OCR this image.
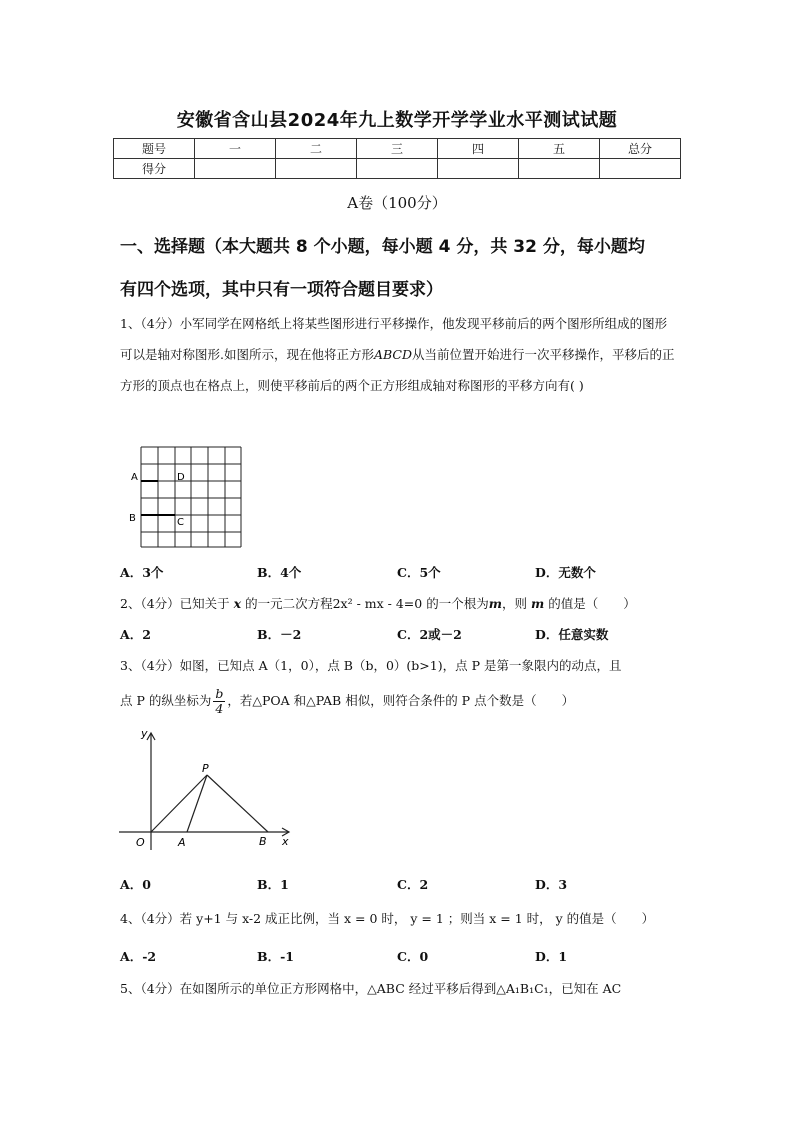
安徽省含山县2024年九上数学开学学业水平测试试题
题号	一	二	三	四	五	总分
得分						
A卷（100分）
一、选择题（本大题共 8 个小题，每小题 4 分，共 32 分，每小题均
有四个选项，其中只有一项符合题目要求）
1、（4分）小军同学在网格纸上将某些图形进行平移操作，他发现平移前后的两个图形所组成的图形可以是轴对称图形.如图所示，现在他将正方形ABCD从当前位置开始进行一次平移操作，平移后的正方形的顶点也在格点上，则使平移前后的两个正方形组成轴对称图形的平移方向有( )
A	D
B	C
A．3个	B．4个	C．5个	D．无数个
2、（4分）已知关于 x 的一元二次方程2x² - mx - 4=0 的一个根为m，则 m 的值是（　　）
A．2	B．－2	C．2或－2	D．任意实数
3、（4分）如图，已知点 A（1，0），点 B（b，0）(b>1)，点 P 是第一象限内的动点，且
点 P 的纵坐标为 $\frac{b}{4}$ ，若△POA 和△PAB 相似，则符合条件的 P 点个数是（　　）
y
P
O	A	B x
A．0	B．1	C．2	D．3
4、（4分）若 y+1 与 x-2 成正比例，当 x = 0 时， y = 1 ；则当 x = 1 时， y 的值是（　　）
A．-2	B．-1	C．0	D．1
5、（4分）在如图所示的单位正方形网格中，△ABC 经过平移后得到△A₁B₁C₁，已知在 AC
